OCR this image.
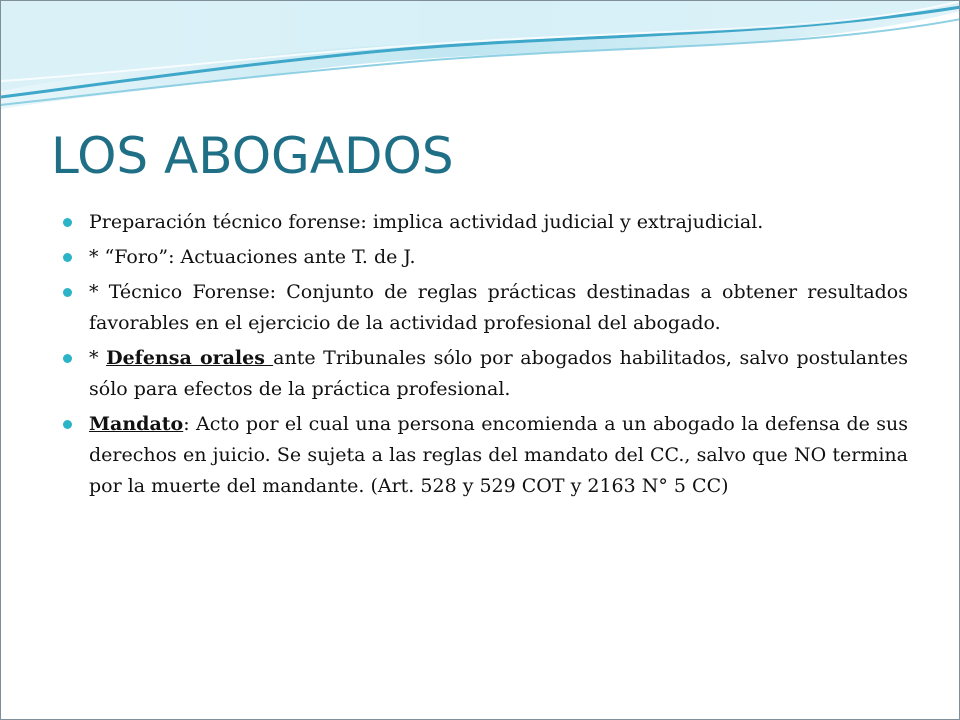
LOS ABOGADOS
Preparación técnico forense: implica actividad judicial y extrajudicial.
* “Foro”: Actuaciones ante T. de J.
* Técnico Forense: Conjunto de reglas prácticas destinadas a obtener resultados favorables en el ejercicio de la actividad profesional del abogado.
* Defensa orales ante Tribunales sólo por abogados habilitados, salvo postulantes sólo para efectos de la práctica profesional.
Mandato: Acto por el cual una persona encomienda a un abogado la defensa de sus derechos en juicio. Se sujeta a las reglas del mandato del CC., salvo que NO termina por la muerte del mandante. (Art. 528 y 529 COT y 2163 N° 5 CC)
